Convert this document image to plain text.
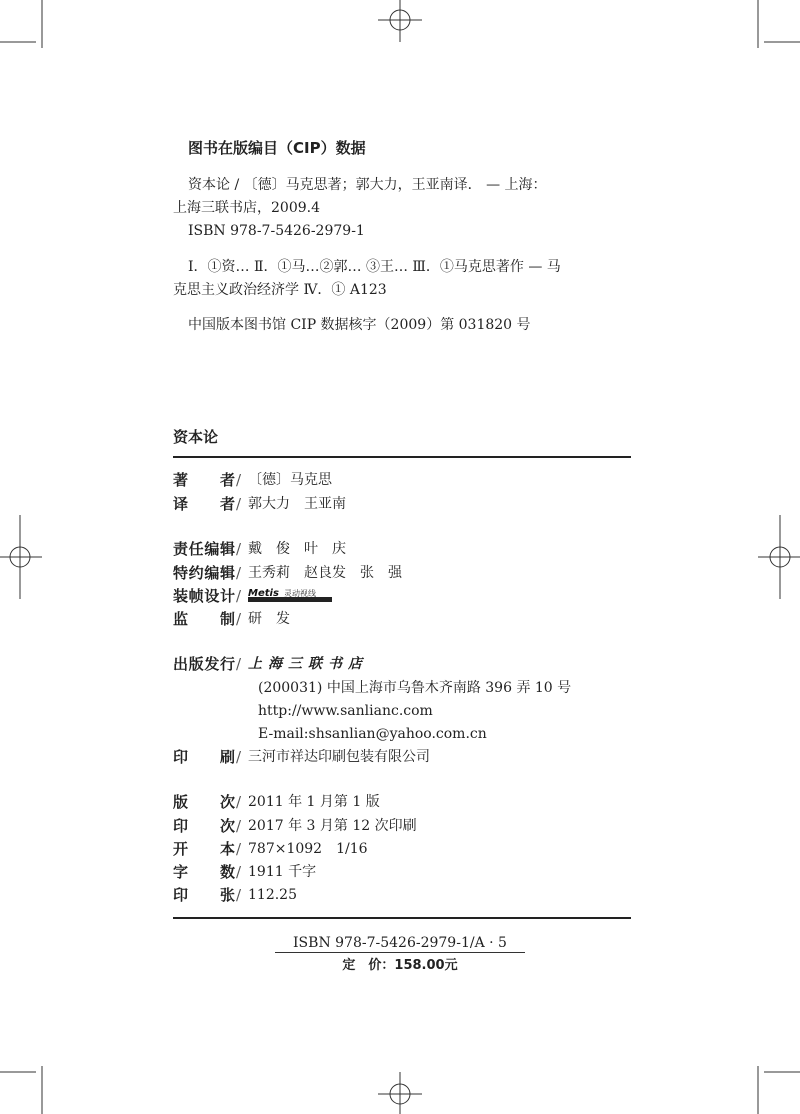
图书在版编目（CIP）数据
资本论 / 〔德〕马克思著；郭大力，王亚南译． — 上海：
上海三联书店，2009.4
ISBN 978-7-5426-2979-1
Ⅰ．①资… Ⅱ．①马…②郭… ③王… Ⅲ．①马克思著作 — 马
克思主义政治经济学 Ⅳ．① A123
中国版本图书馆 CIP 数据核字（2009）第 031820 号
资本论
著 者 / 〔德〕马克思
译 者 / 郭大力　王亚南
责 任 编 辑 / 戴　俊　叶　庆
特 约 编 辑 / 王秀莉　赵良发　张　强
装 帧 设 计 / Metis 灵动视线
监 制 / 研　发
出 版 发 行 / 上海三联书店
(200031) 中国上海市乌鲁木齐南路 396 弄 10 号
http://www.sanlianc.com
E-mail:shsanlian@yahoo.com.cn
印 刷 / 三河市祥达印刷包装有限公司
版 次 / 2011 年 1 月第 1 版
印 次 / 2017 年 3 月第 12 次印刷
开 本 / 787×1092　1/16
字 数 / 1911 千字
印 张 / 112.25
ISBN 978-7-5426-2979-1/A · 5
定　价：158.00元
